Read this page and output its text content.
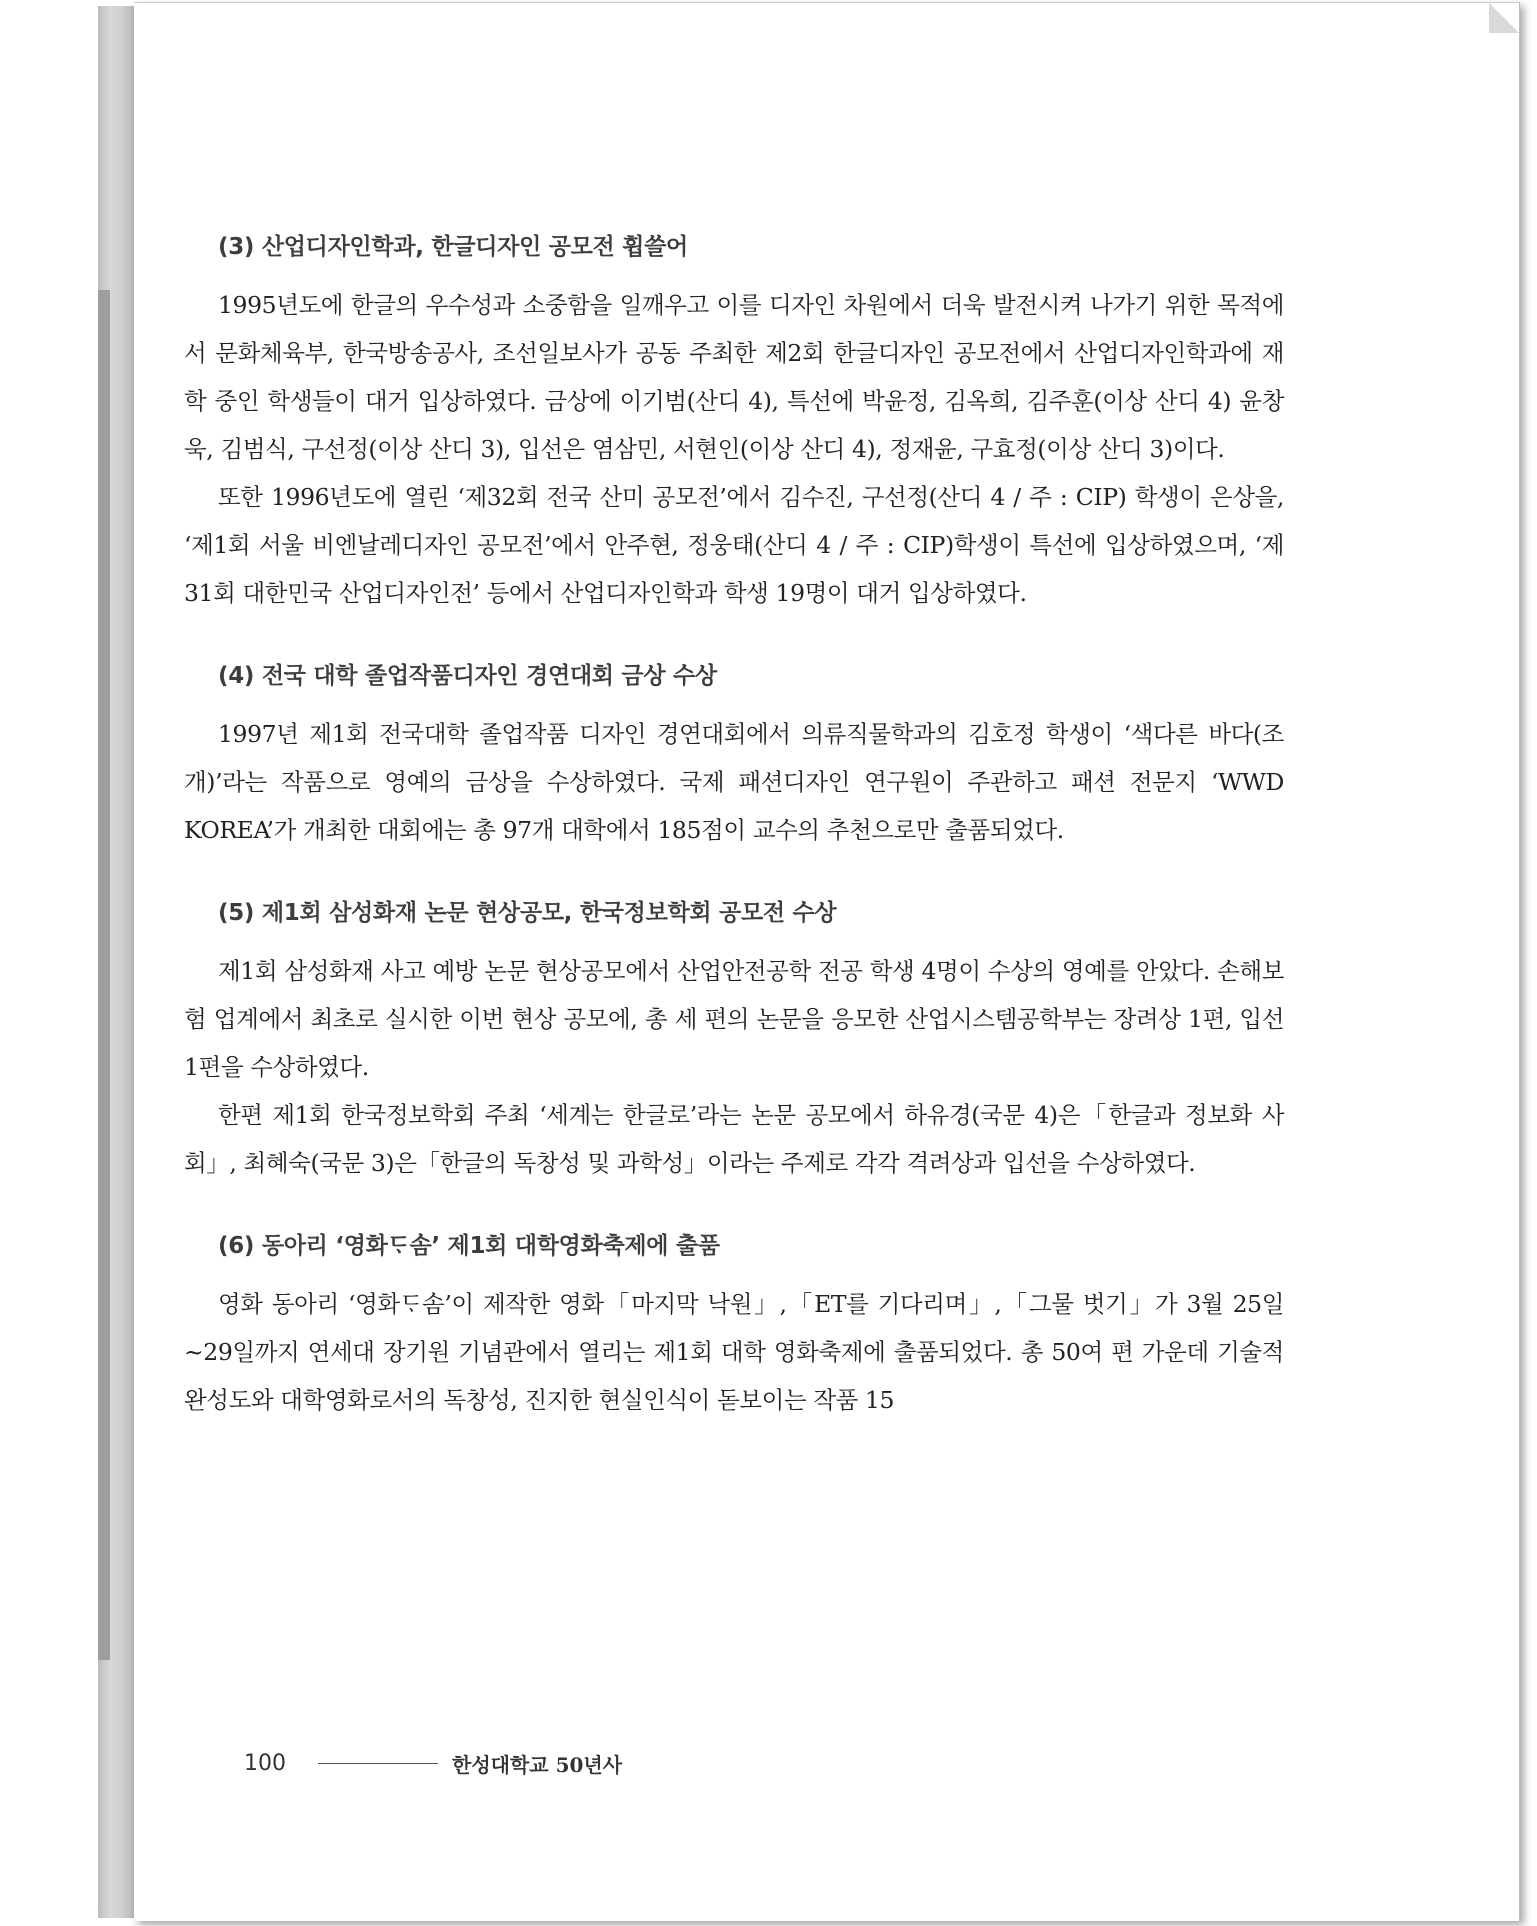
(3) 산업디자인학과, 한글디자인 공모전 휩쓸어

1995년도에 한글의 우수성과 소중함을 일깨우고 이를 디자인 차원에서 더욱 발전시켜 나가기 위한 목적에서 문화체육부, 한국방송공사, 조선일보사가 공동 주최한 제2회 한글디자인 공모전에서 산업디자인학과에 재학 중인 학생들이 대거 입상하였다. 금상에 이기범(산디 4), 특선에 박윤정, 김옥희, 김주훈(이상 산디 4) 윤창욱, 김범식, 구선정(이상 산디 3), 입선은 염삼민, 서현인(이상 산디 4), 정재윤, 구효정(이상 산디 3)이다.

또한 1996년도에 열린 ‘제32회 전국 산미 공모전’에서 김수진, 구선정(산디 4 / 주 : CIP) 학생이 은상을, ‘제1회 서울 비엔날레디자인 공모전’에서 안주현, 정웅태(산디 4 / 주 : CIP)학생이 특선에 입상하였으며, ‘제31회 대한민국 산업디자인전’ 등에서 산업디자인학과 학생 19명이 대거 입상하였다.

(4) 전국 대학 졸업작품디자인 경연대회 금상 수상

1997년 제1회 전국대학 졸업작품 디자인 경연대회에서 의류직물학과의 김호정 학생이 ‘색다른 바다(조개)’라는 작품으로 영예의 금상을 수상하였다. 국제 패션디자인 연구원이 주관하고 패션 전문지 ‘WWD KOREA’가 개최한 대회에는 총 97개 대학에서 185점이 교수의 추천으로만 출품되었다.

(5) 제1회 삼성화재 논문 현상공모, 한국정보학회 공모전 수상

제1회 삼성화재 사고 예방 논문 현상공모에서 산업안전공학 전공 학생 4명이 수상의 영예를 안았다. 손해보험 업계에서 최초로 실시한 이번 현상 공모에, 총 세 편의 논문을 응모한 산업시스템공학부는 장려상 1편, 입선 1편을 수상하였다.

한편 제1회 한국정보학회 주최 ‘세계는 한글로’라는 논문 공모에서 하유경(국문 4)은「한글과 정보화 사회」, 최혜숙(국문 3)은「한글의 독창성 및 과학성」이라는 주제로 각각 격려상과 입선을 수상하였다.

(6) 동아리 ‘영화ᄃᆞ솜’ 제1회 대학영화축제에 출품

영화 동아리 ‘영화ᄃᆞ솜’이 제작한 영화「마지막 낙원」,「ET를 기다리며」,「그물 벗기」가 3월 25일~29일까지 연세대 장기원 기념관에서 열리는 제1회 대학 영화축제에 출품되었다. 총 50여 편 가운데 기술적 완성도와 대학영화로서의 독창성, 진지한 현실인식이 돋보이는 작품 15

100	한성대학교 50년사
